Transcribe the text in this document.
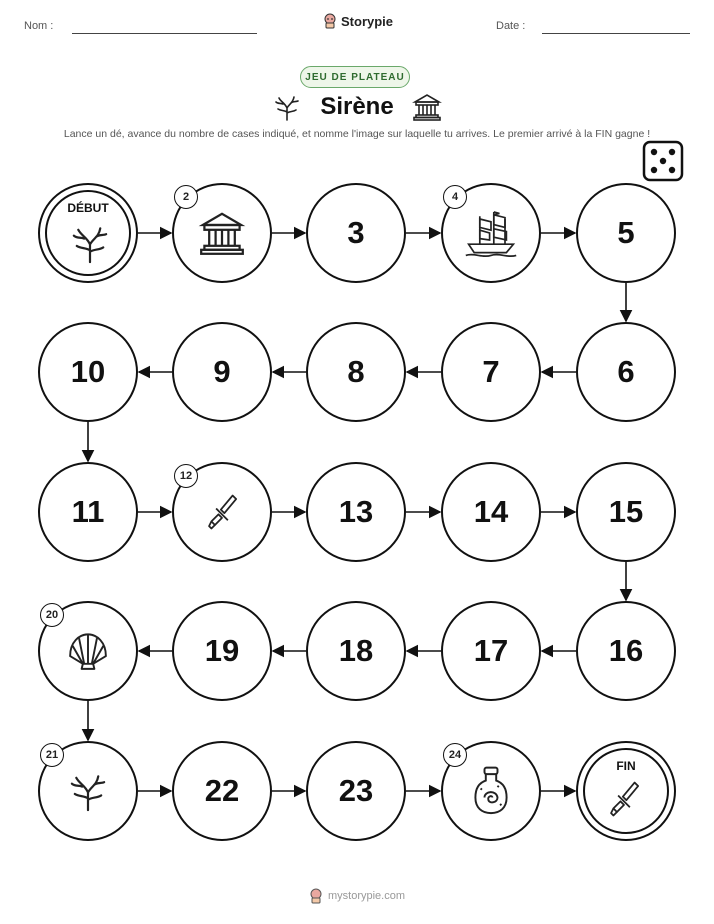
Nom :	Storypie	Date :
JEU DE PLATEAU
Sirène
Lance un dé, avance du nombre de cases indiqué, et nomme l'image sur laquelle tu arrives. Le premier arrivé à la FIN gagne !
DÉBUT
2
3
4
5
6
7
8
9
10
11
12
13	14	15
16
17
18
19
20
21
22	23
24
FIN
mystorypie.com
